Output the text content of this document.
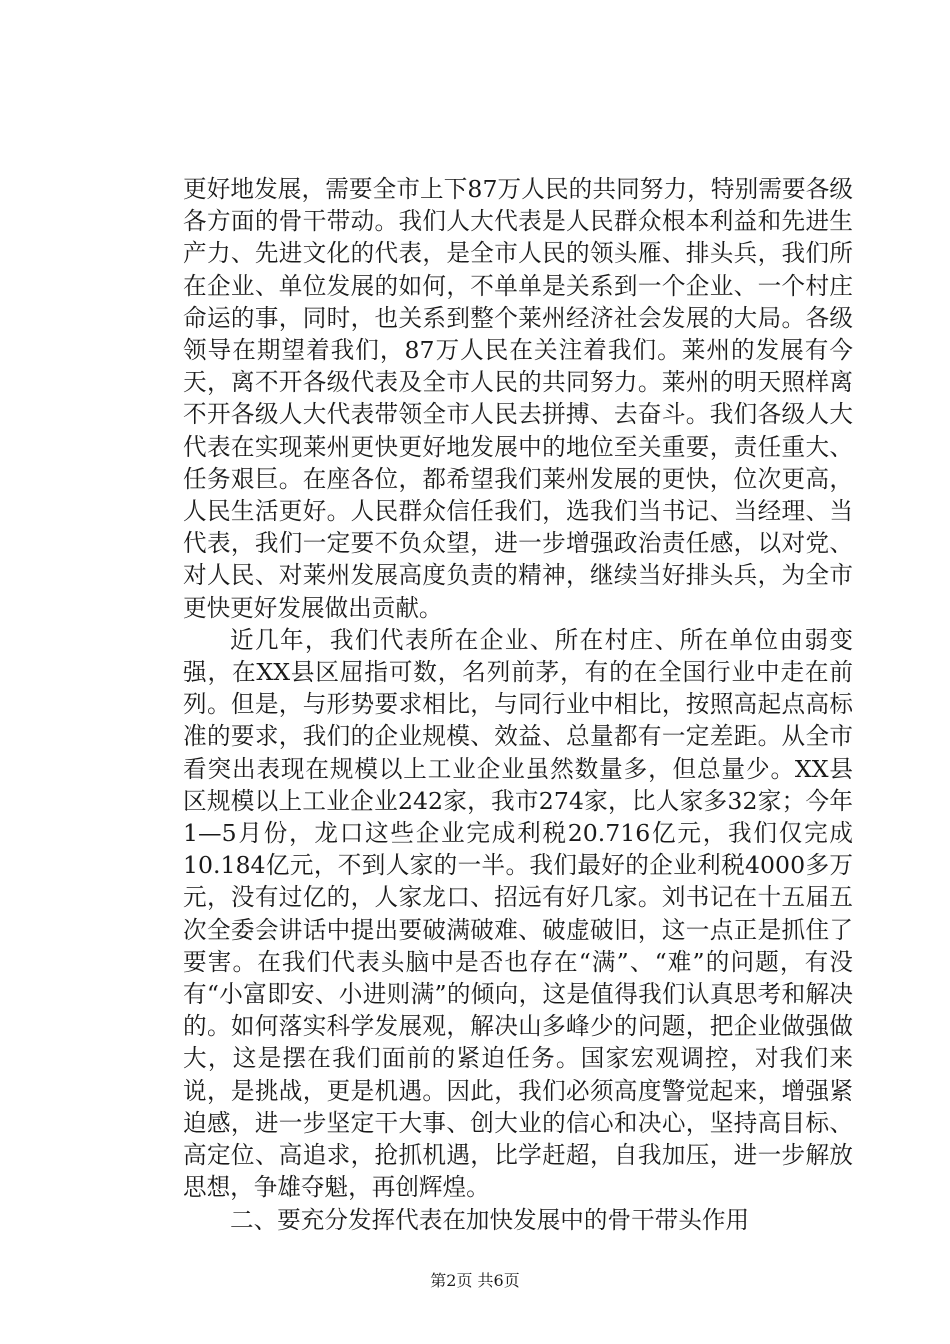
更好地发展，需要全市上下87万人民的共同努力，特别需要各级各方面的骨干带动。我们人大代表是人民群众根本利益和先进生产力、先进文化的代表，是全市人民的领头雁、排头兵，我们所在企业、单位发展的如何，不单单是关系到一个企业、一个村庄命运的事，同时，也关系到整个莱州经济社会发展的大局。各级领导在期望着我们，87万人民在关注着我们。莱州的发展有今天，离不开各级代表及全市人民的共同努力。莱州的明天照样离不开各级人大代表带领全市人民去拼搏、去奋斗。我们各级人大代表在实现莱州更快更好地发展中的地位至关重要，责任重大、任务艰巨。在座各位，都希望我们莱州发展的更快，位次更高，人民生活更好。人民群众信任我们，选我们当书记、当经理、当代表，我们一定要不负众望，进一步增强政治责任感，以对党、对人民、对莱州发展高度负责的精神，继续当好排头兵，为全市更快更好发展做出贡献。

近几年，我们代表所在企业、所在村庄、所在单位由弱变强，在XX县区屈指可数，名列前茅，有的在全国行业中走在前列。但是，与形势要求相比，与同行业中相比，按照高起点高标准的要求，我们的企业规模、效益、总量都有一定差距。从全市看突出表现在规模以上工业企业虽然数量多，但总量少。XX县区规模以上工业企业242家，我市274家，比人家多32家；今年1—5月份，龙口这些企业完成利税20.716亿元，我们仅完成10.184亿元，不到人家的一半。我们最好的企业利税4000多万元，没有过亿的，人家龙口、招远有好几家。刘书记在十五届五次全委会讲话中提出要破满破难、破虚破旧，这一点正是抓住了要害。在我们代表头脑中是否也存在“满”、“难”的问题，有没有“小富即安、小进则满”的倾向，这是值得我们认真思考和解决的。如何落实科学发展观，解决山多峰少的问题，把企业做强做大，这是摆在我们面前的紧迫任务。国家宏观调控，对我们来说，是挑战，更是机遇。因此，我们必须高度警觉起来，增强紧迫感，进一步坚定干大事、创大业的信心和决心，坚持高目标、高定位、高追求，抢抓机遇，比学赶超，自我加压，进一步解放思想，争雄夺魁，再创辉煌。

二、要充分发挥代表在加快发展中的骨干带头作用

第2页 共6页
